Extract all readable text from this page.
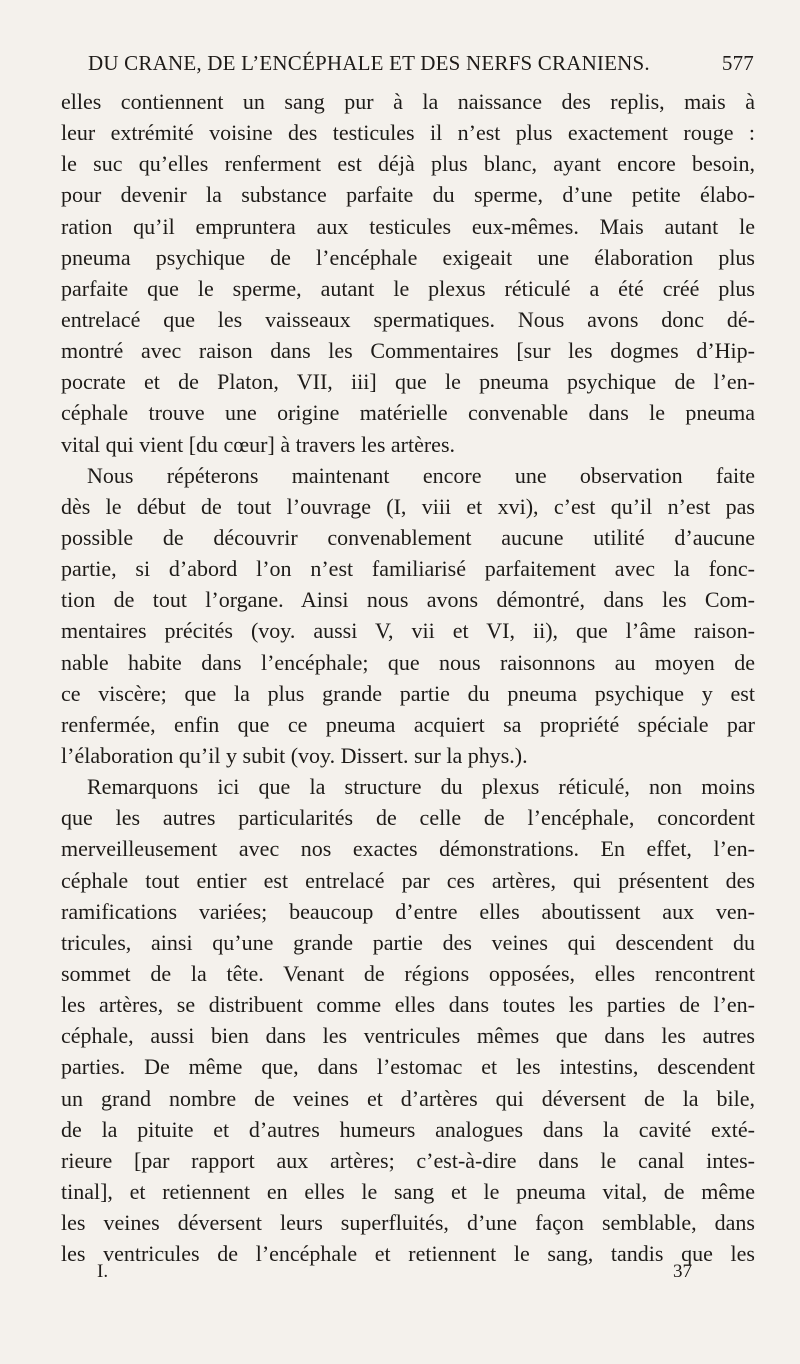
DU CRANE, DE L’ENCÉPHALE ET DES NERFS CRANIENS.	577
elles contiennent un sang pur à la naissance des replis, mais à
leur extrémité voisine des testicules il n’est plus exactement rouge :
le suc qu’elles renferment est déjà plus blanc, ayant encore besoin,
pour devenir la substance parfaite du sperme, d’une petite élabo-
ration qu’il empruntera aux testicules eux-mêmes. Mais autant le
pneuma psychique de l’encéphale exigeait une élaboration plus
parfaite que le sperme, autant le plexus réticulé a été créé plus
entrelacé que les vaisseaux spermatiques. Nous avons donc dé-
montré avec raison dans les Commentaires [sur les dogmes d’Hip-
pocrate et de Platon, VII, iii] que le pneuma psychique de l’en-
céphale trouve une origine matérielle convenable dans le pneuma
vital qui vient [du cœur] à travers les artères.
Nous répéterons maintenant encore une observation faite
dès le début de tout l’ouvrage (I, viii et xvi), c’est qu’il n’est pas
possible de découvrir convenablement aucune utilité d’aucune
partie, si d’abord l’on n’est familiarisé parfaitement avec la fonc-
tion de tout l’organe. Ainsi nous avons démontré, dans les Com-
mentaires précités (voy. aussi V, vii et VI, ii), que l’âme raison-
nable habite dans l’encéphale; que nous raisonnons au moyen de
ce viscère; que la plus grande partie du pneuma psychique y est
renfermée, enfin que ce pneuma acquiert sa propriété spéciale par
l’élaboration qu’il y subit (voy. Dissert. sur la phys.).
Remarquons ici que la structure du plexus réticulé, non moins
que les autres particularités de celle de l’encéphale, concordent
merveilleusement avec nos exactes démonstrations. En effet, l’en-
céphale tout entier est entrelacé par ces artères, qui présentent des
ramifications variées; beaucoup d’entre elles aboutissent aux ven-
tricules, ainsi qu’une grande partie des veines qui descendent du
sommet de la tête. Venant de régions opposées, elles rencontrent
les artères, se distribuent comme elles dans toutes les parties de l’en-
céphale, aussi bien dans les ventricules mêmes que dans les autres
parties. De même que, dans l’estomac et les intestins, descendent
un grand nombre de veines et d’artères qui déversent de la bile,
de la pituite et d’autres humeurs analogues dans la cavité exté-
rieure [par rapport aux artères; c’est-à-dire dans le canal intes-
tinal], et retiennent en elles le sang et le pneuma vital, de même
les veines déversent leurs superfluités, d’une façon semblable, dans
les ventricules de l’encéphale et retiennent le sang, tandis que les
I.	37
